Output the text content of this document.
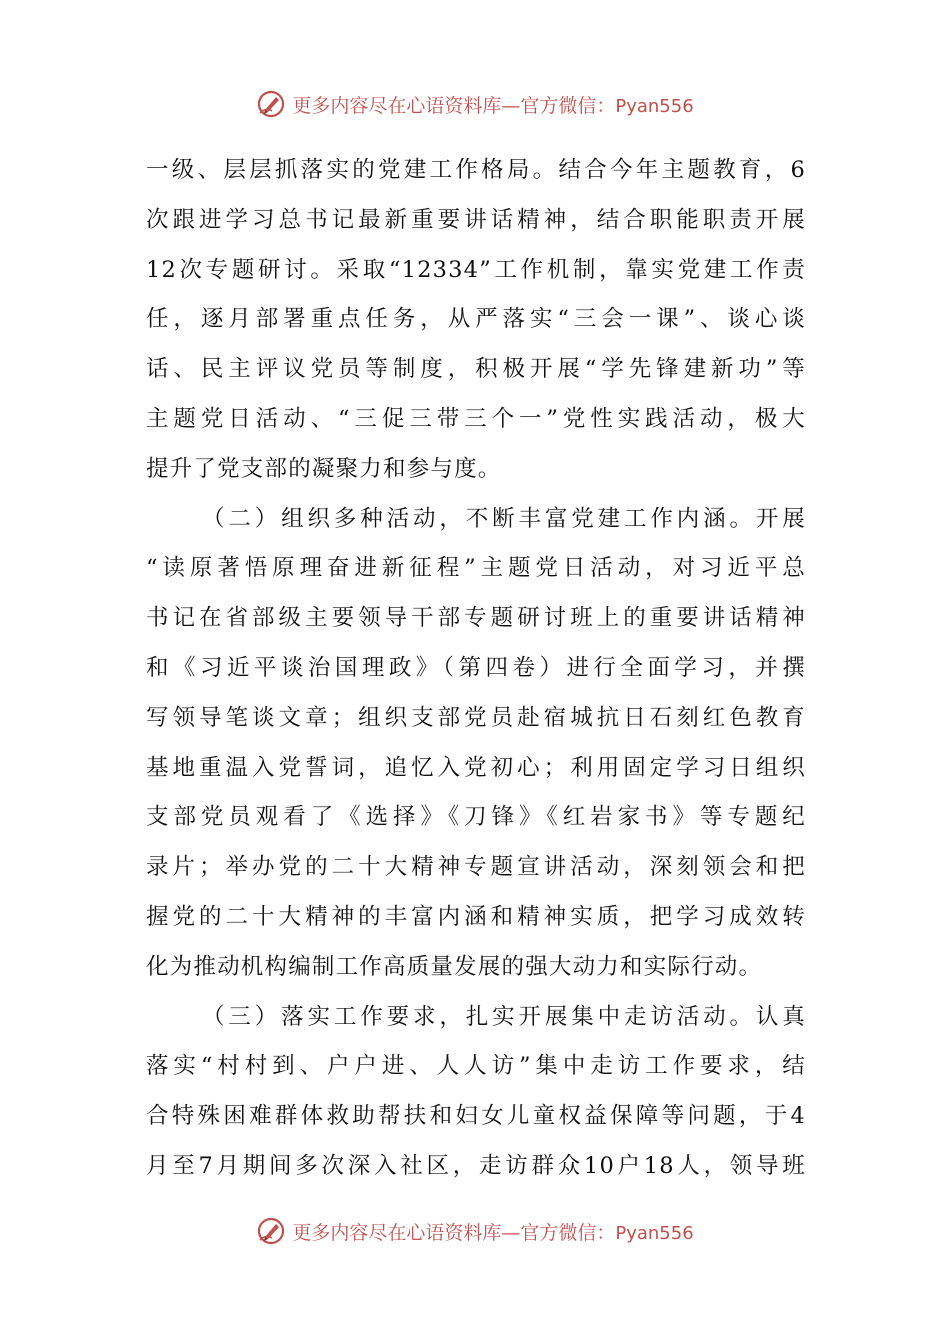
更多内容尽在心语资料库—官方微信：Pyan556
一级、层层抓落实的党建工作格局。结合今年主题教育，6
次跟进学习总书记最新重要讲话精神，结合职能职责开展
12次专题研讨。采取“12334”工作机制，靠实党建工作责
任，逐月部署重点任务，从严落实“三会一课”、谈心谈
话、民主评议党员等制度，积极开展“学先锋建新功”等
主题党日活动、“三促三带三个一”党性实践活动，极大
提升了党支部的凝聚力和参与度。
（二）组织多种活动，不断丰富党建工作内涵。开展
“读原著悟原理奋进新征程”主题党日活动，对习近平总
书记在省部级主要领导干部专题研讨班上的重要讲话精神
和《习近平谈治国理政》（第四卷）进行全面学习，并撰
写领导笔谈文章；组织支部党员赴宿城抗日石刻红色教育
基地重温入党誓词，追忆入党初心；利用固定学习日组织
支部党员观看了《选择》《刀锋》《红岩家书》等专题纪
录片；举办党的二十大精神专题宣讲活动，深刻领会和把
握党的二十大精神的丰富内涵和精神实质，把学习成效转
化为推动机构编制工作高质量发展的强大动力和实际行动。
（三）落实工作要求，扎实开展集中走访活动。认真
落实“村村到、户户进、人人访”集中走访工作要求，结
合特殊困难群体救助帮扶和妇女儿童权益保障等问题，于4
月至7月期间多次深入社区，走访群众10户18人，领导班
更多内容尽在心语资料库—官方微信：Pyan556
